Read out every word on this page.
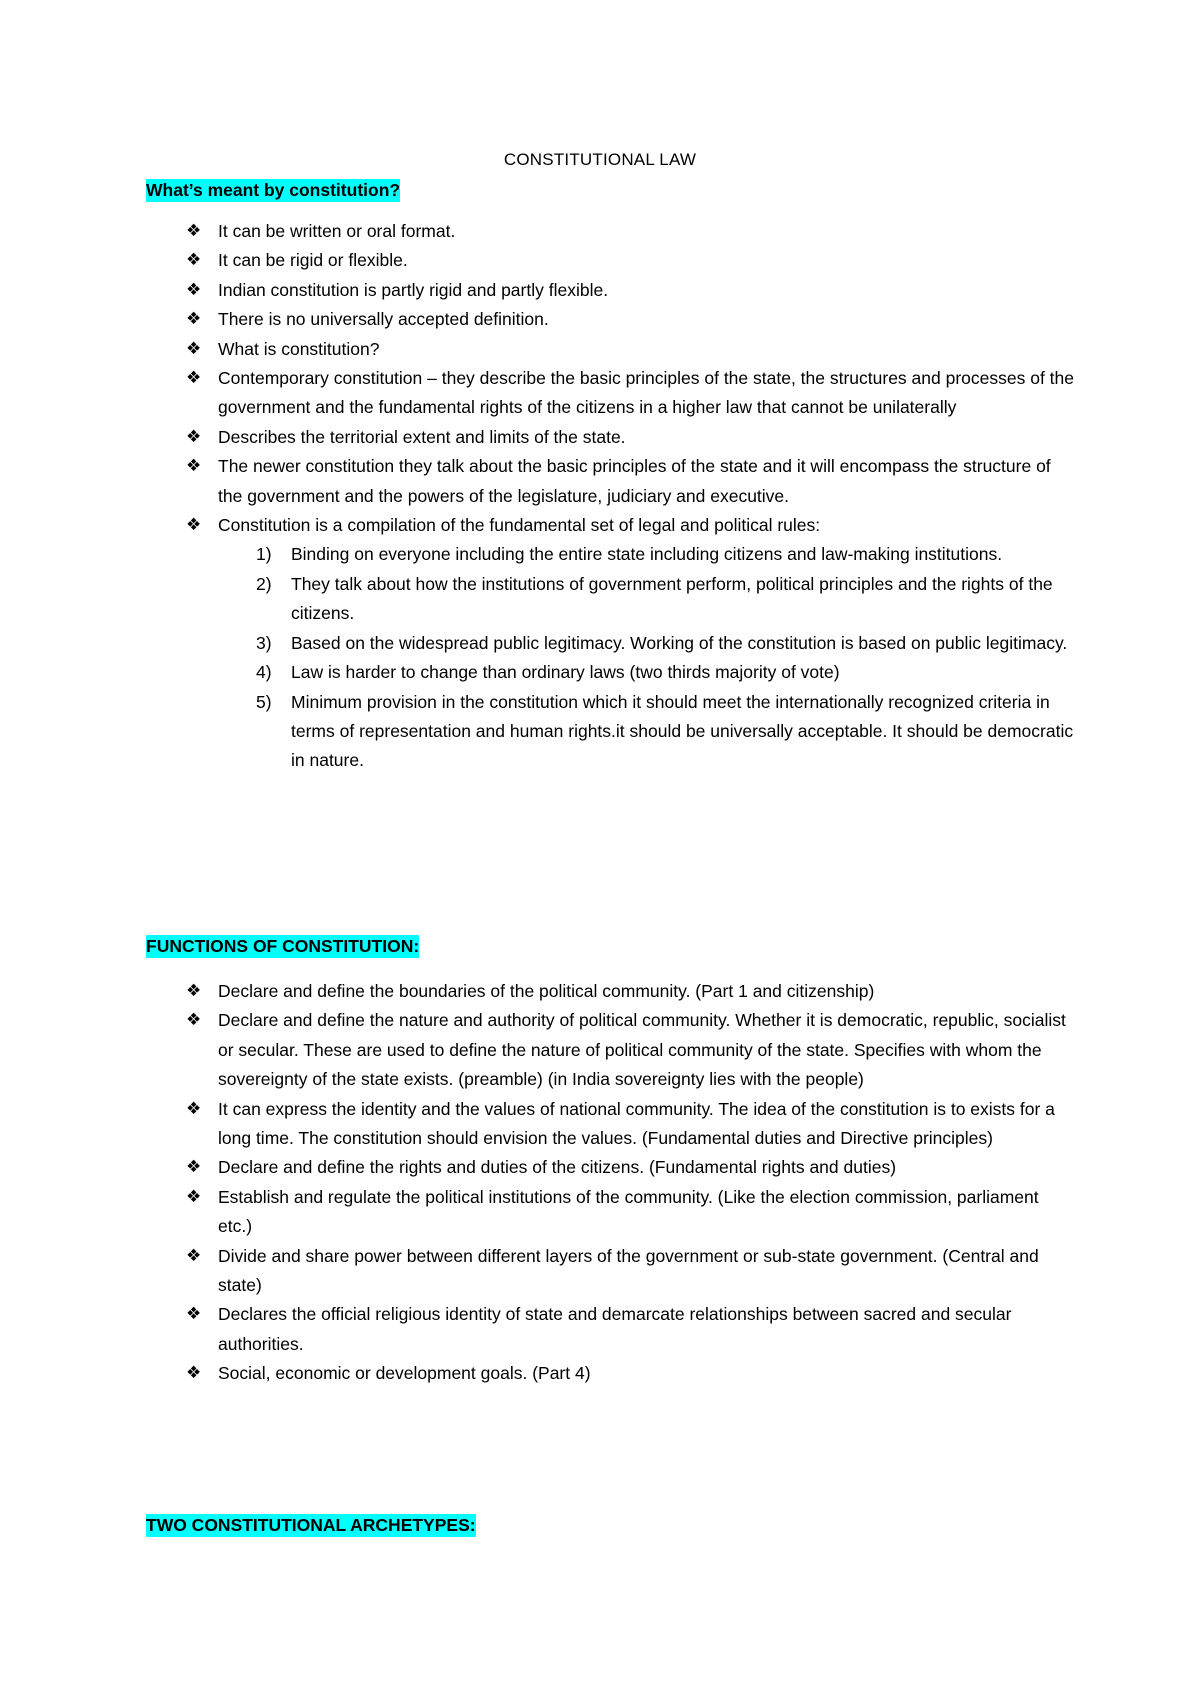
CONSTITUTIONAL LAW
What’s meant by constitution?
❖ It can be written or oral format.
❖ It can be rigid or flexible.
❖ Indian constitution is partly rigid and partly flexible.
❖ There is no universally accepted definition.
❖ What is constitution?
❖ Contemporary constitution – they describe the basic principles of the state, the structures and processes of the government and the fundamental rights of the citizens in a higher law that cannot be unilaterally
❖ Describes the territorial extent and limits of the state.
❖ The newer constitution they talk about the basic principles of the state and it will encompass the structure of the government and the powers of the legislature, judiciary and executive.
❖ Constitution is a compilation of the fundamental set of legal and political rules:
1) Binding on everyone including the entire state including citizens and law-making institutions.
2) They talk about how the institutions of government perform, political principles and the rights of the citizens.
3) Based on the widespread public legitimacy. Working of the constitution is based on public legitimacy.
4) Law is harder to change than ordinary laws (two thirds majority of vote)
5) Minimum provision in the constitution which it should meet the internationally recognized criteria in terms of representation and human rights.it should be universally acceptable. It should be democratic in nature.
FUNCTIONS OF CONSTITUTION:
❖ Declare and define the boundaries of the political community. (Part 1 and citizenship)
❖ Declare and define the nature and authority of political community. Whether it is democratic, republic, socialist or secular. These are used to define the nature of political community of the state. Specifies with whom the sovereignty of the state exists. (preamble) (in India sovereignty lies with the people)
❖ It can express the identity and the values of national community. The idea of the constitution is to exists for a long time. The constitution should envision the values. (Fundamental duties and Directive principles)
❖ Declare and define the rights and duties of the citizens. (Fundamental rights and duties)
❖ Establish and regulate the political institutions of the community. (Like the election commission, parliament etc.)
❖ Divide and share power between different layers of the government or sub-state government. (Central and state)
❖ Declares the official religious identity of state and demarcate relationships between sacred and secular authorities.
❖ Social, economic or development goals. (Part 4)
TWO CONSTITUTIONAL ARCHETYPES:
